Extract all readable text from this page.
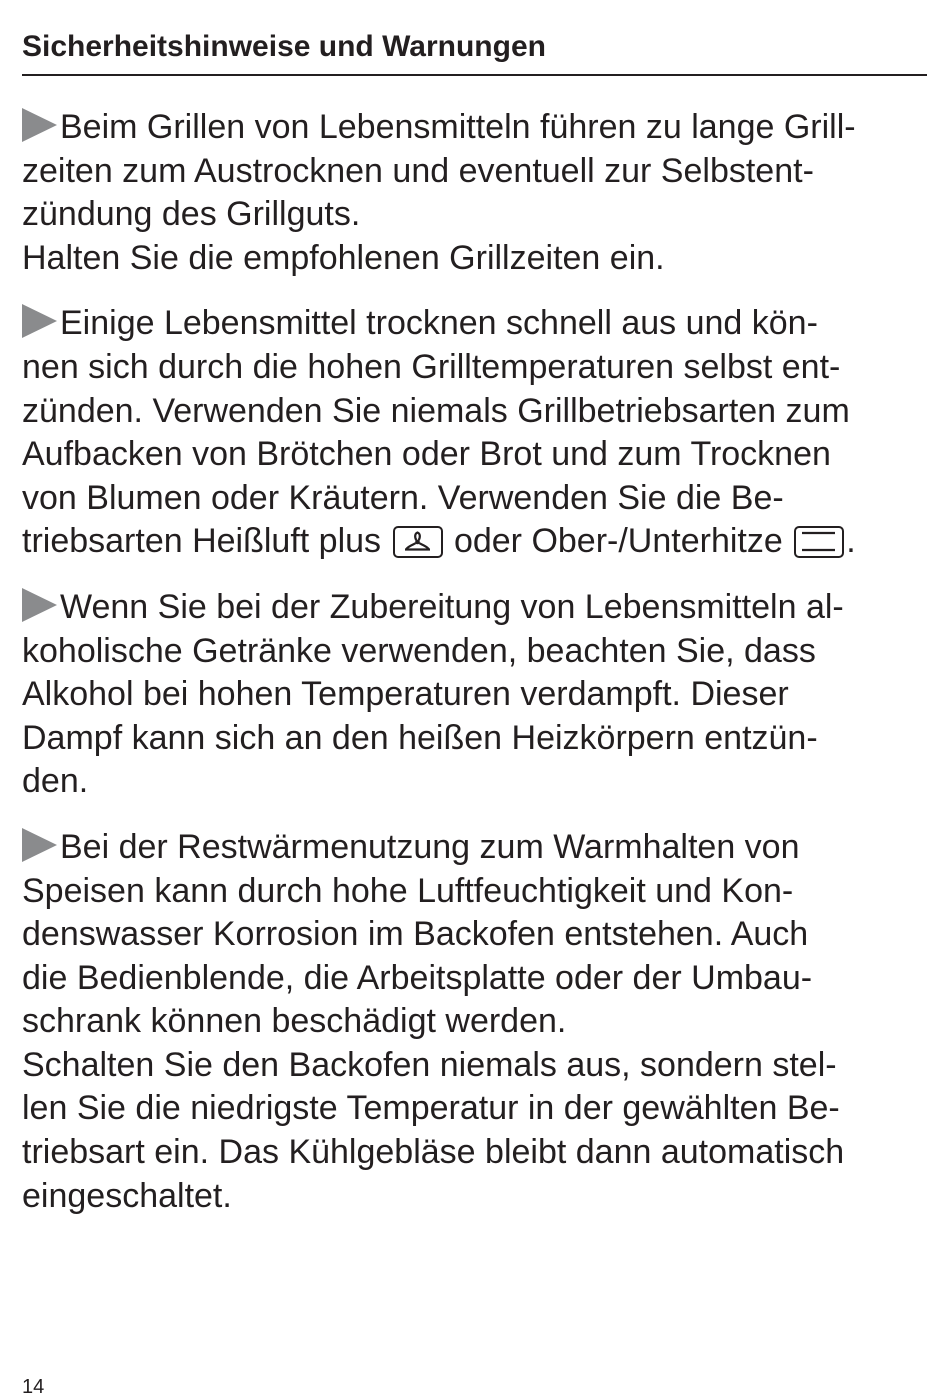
Sicherheitshinweise und Warnungen
Beim Grillen von Lebensmitteln führen zu lange Grill-
zeiten zum Austrocknen und eventuell zur Selbstent-
zündung des Grillguts.
Halten Sie die empfohlenen Grillzeiten ein.
Einige Lebensmittel trocknen schnell aus und kön-
nen sich durch die hohen Grilltemperaturen selbst ent-
zünden. Verwenden Sie niemals Grillbetriebsarten zum
Aufbacken von Brötchen oder Brot und zum Trocknen
von Blumen oder Kräutern. Verwenden Sie die Be-
triebsarten Heißluft plus
oder Ober-/Unterhitze
.
Wenn Sie bei der Zubereitung von Lebensmitteln al-
koholische Getränke verwenden, beachten Sie, dass
Alkohol bei hohen Temperaturen verdampft. Dieser
Dampf kann sich an den heißen Heizkörpern entzün-
den.
Bei der Restwärmenutzung zum Warmhalten von
Speisen kann durch hohe Luftfeuchtigkeit und Kon-
denswasser Korrosion im Backofen entstehen. Auch
die Bedienblende, die Arbeitsplatte oder der Umbau-
schrank können beschädigt werden.
Schalten Sie den Backofen niemals aus, sondern stel-
len Sie die niedrigste Temperatur in der gewählten Be-
triebsart ein. Das Kühlgebläse bleibt dann automatisch
eingeschaltet.
14
